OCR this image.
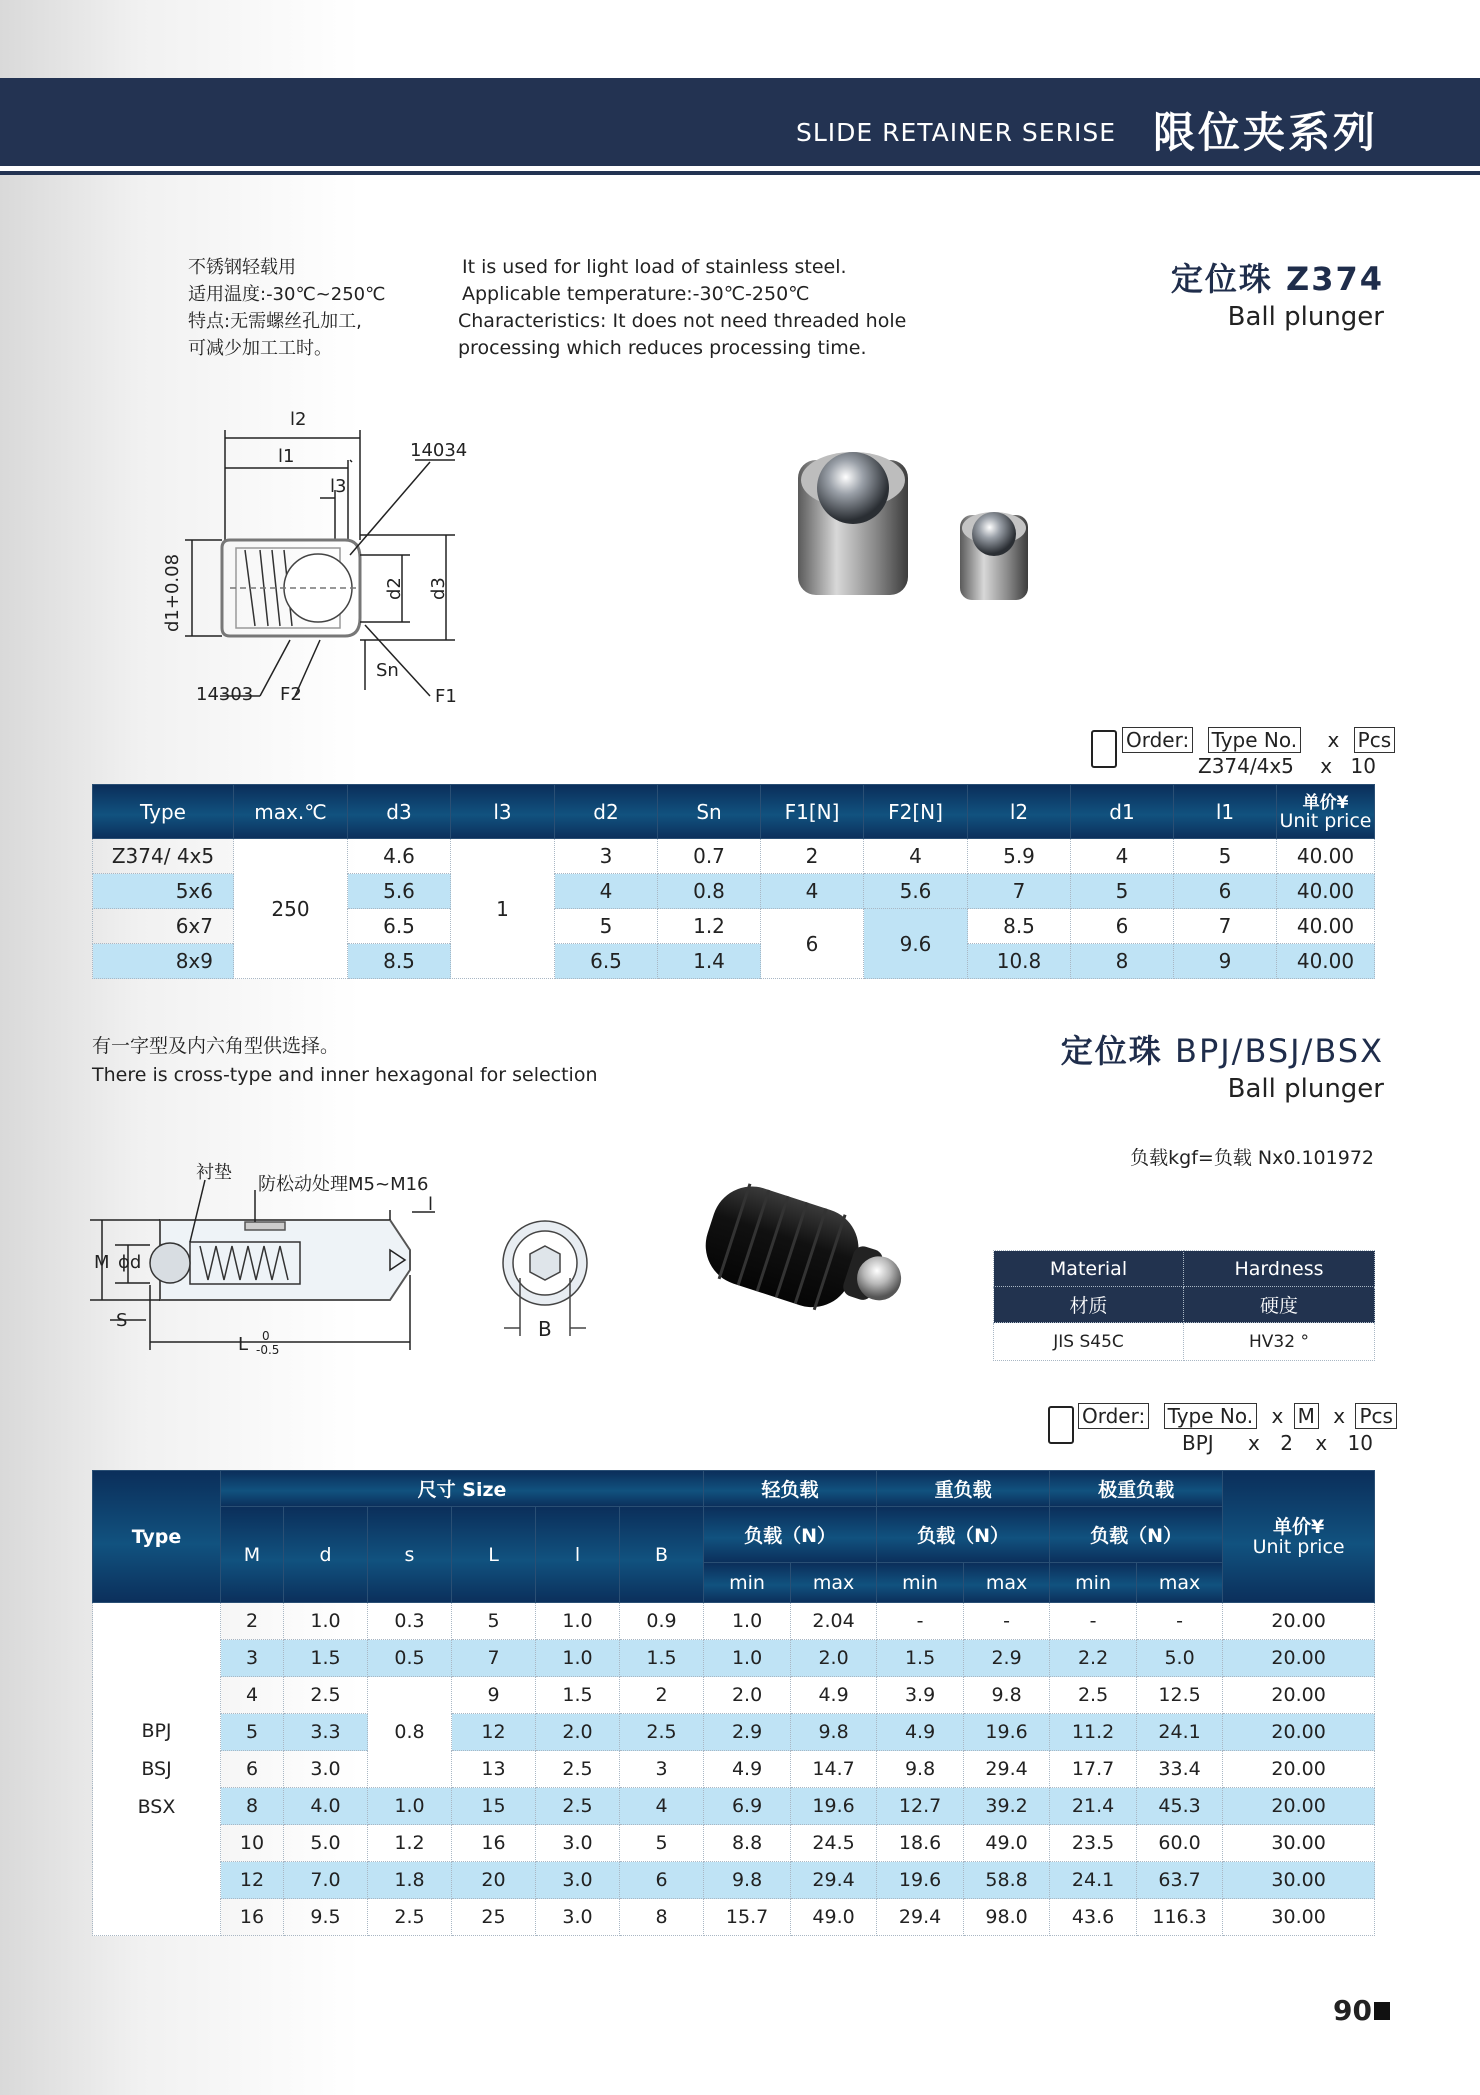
SLIDE RETAINER SERISE 限位夹系列
不锈钢轻载用
适用温度:-30℃~250℃
特点:无需螺丝孔加工,
可减少加工工时。
It is used for light load of stainless steel.
Applicable temperature:-30℃-250℃
Characteristics: It does not need threaded hole
processing which reduces processing time.
定位珠 Z374
Ball plunger
l2
l1
l3
14034
14303 F2	F1
Sn
d1+0.08	d2 d3
Order: Type No. x Pcs
Z374/4x5 x 10
Type	max.℃	d3	l3	d2	Sn	F1[N]	F2[N]	l2	d1	l1	单价¥
Unit price

Z374/ 4x5	250	4.6	1	3	0.7	2	4	5.9	4	5	40.00
5x6		5.6		4	0.8	4	5.6	7	5	6	40.00
6x7		6.5		5	1.2	6	9.6	8.5	6	7	40.00
8x9		8.5		6.5	1.4			10.8	8	9	40.00
有一字型及内六角型供选择。
There is cross-type and inner hexagonal for selection
定位珠 BPJ/BSJ/BSX
Ball plunger
负载kgf=负载 Nx0.101972
衬垫
防松动处理M5~M16
l
M ϕd
S
L 0
-0.5
B
Material	Hardness
材质	硬度
JIS S45C	HV32 °
Order: Type No. x M x Pcs
BPJ x 2 x 10
Type	尺寸 Size						轻负载		重负载		极重负载		单价¥
Unit price

	M	d	s	L	l	B	负载（N）		负载（N）		负载（N）		
							min	max	min	max	min	max	

BPJ
BSJ
BSX	2	1.0	0.3	5	1.0	0.9	1.0	2.04	-	-	-	-	20.00
	3	1.5	0.5	7	1.0	1.5	1.0	2.0	1.5	2.9	2.2	5.0	20.00
	4	2.5	0.8	9	1.5	2	2.0	4.9	3.9	9.8	2.5	12.5	20.00
	5	3.3		12	2.0	2.5	2.9	9.8	4.9	19.6	11.2	24.1	20.00
	6	3.0		13	2.5	3	4.9	14.7	9.8	29.4	17.7	33.4	20.00
	8	4.0	1.0	15	2.5	4	6.9	19.6	12.7	39.2	21.4	45.3	20.00
	10	5.0	1.2	16	3.0	5	8.8	24.5	18.6	49.0	23.5	60.0	30.00
	12	7.0	1.8	20	3.0	6	9.8	29.4	19.6	58.8	24.1	63.7	30.00
	16	9.5	2.5	25	3.0	8	15.7	49.0	29.4	98.0	43.6	116.3	30.00
90
